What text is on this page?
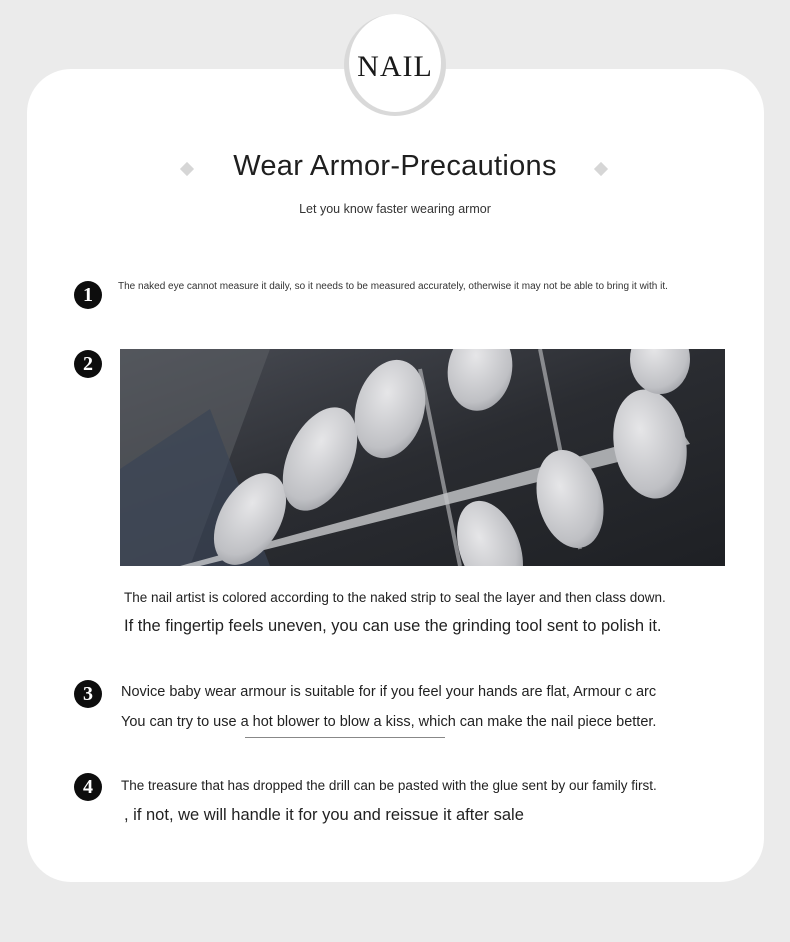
NAIL
Wear Armor-Precautions
Let you know faster wearing armor
1	The naked eye cannot measure it daily, so it needs to be measured accurately, otherwise it may not be able to bring it with it.
2
The nail artist is colored according to the naked strip to seal the layer and then class down.
If the fingertip feels uneven, you can use the grinding tool sent to polish it.
3	Novice baby wear armour is suitable for if you feel your hands are flat, Armour c arc
You can try to use a hot blower to blow a kiss, which can make the nail piece better.
4	The treasure that has dropped the drill can be pasted with the glue sent by our family first.
, if not, we will handle it for you and reissue it after sale
